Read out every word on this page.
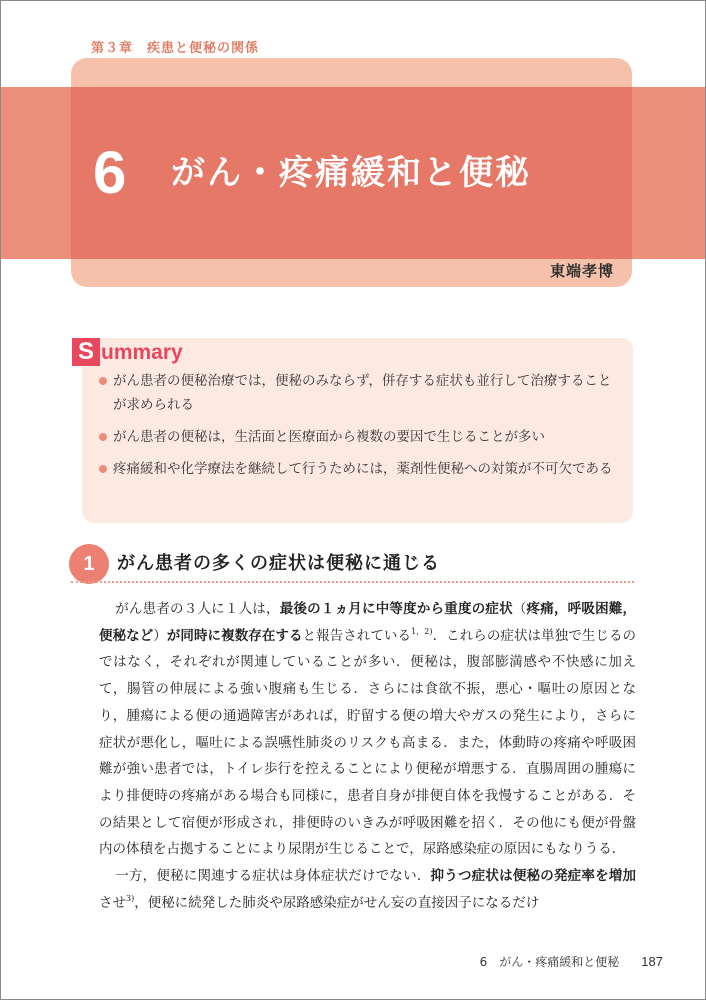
第３章　疾患と便秘の関係
6 がん・疼痛緩和と便秘
東端孝博
S ummary
がん患者の便秘治療では，便秘のみならず，併存する症状も並行して治療することが求められる
がん患者の便秘は，生活面と医療面から複数の要因で生じることが多い
疼痛緩和や化学療法を継続して行うためには，薬剤性便秘への対策が不可欠である
1	がん患者の多くの症状は便秘に通じる

がん患者の３人に１人は，最後の１ヵ月に中等度から重度の症状（疼痛，呼吸困難，便秘など）が同時に複数存在すると報告されている$^{1,2)}$．これらの症状は単独で生じるのではなく，それぞれが関連していることが多い．便秘は，腹部膨満感や不快感に加えて，腸管の伸展による強い腹痛も生じる．さらには食欲不振，悪心・嘔吐の原因となり，腫瘍による便の通過障害があれば，貯留する便の増大やガスの発生により，さらに症状が悪化し，嘔吐による誤嚥性肺炎のリスクも高まる．また，体動時の疼痛や呼吸困難が強い患者では，トイレ歩行を控えることにより便秘が増悪する．直腸周囲の腫瘍により排便時の疼痛がある場合も同様に，患者自身が排便自体を我慢することがある．その結果として宿便が形成され，排便時のいきみが呼吸困難を招く．その他にも便が骨盤内の体積を占拠することにより尿閉が生じることで，尿路感染症の原因にもなりうる．

一方，便秘に関連する症状は身体症状だけでない．抑うつ症状は便秘の発症率を増加させ$^{3)}$，便秘に続発した肺炎や尿路感染症がせん妄の直接因子になるだけ

6　がん・疼痛緩和と便秘 187
